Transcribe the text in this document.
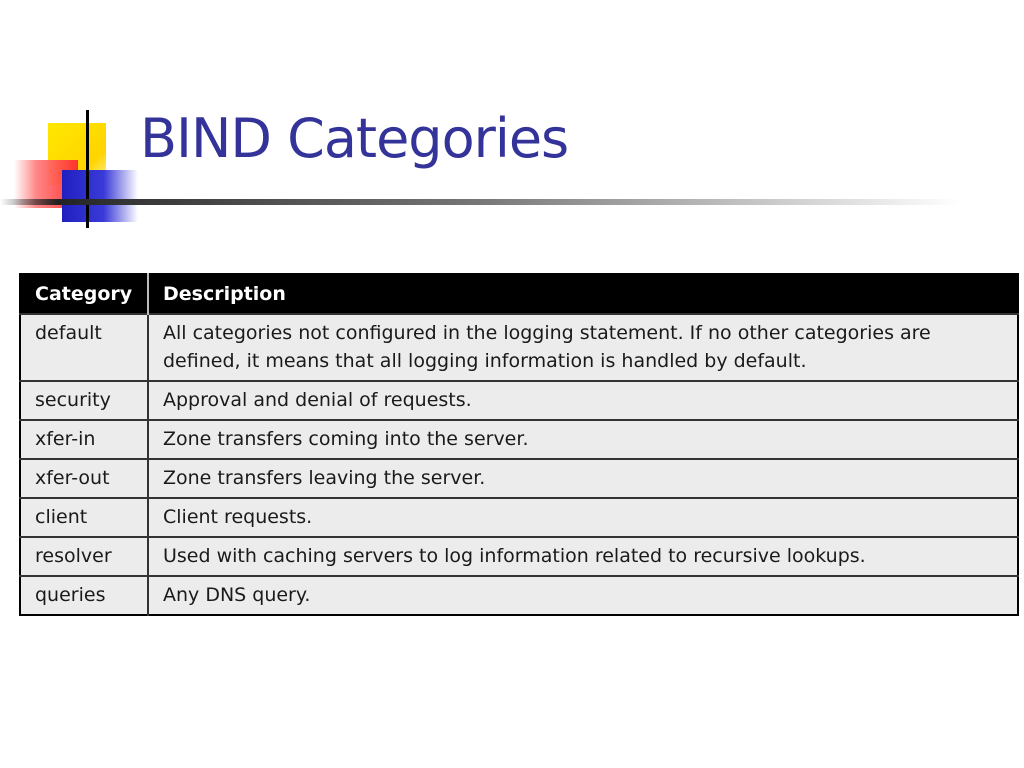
BIND Categories
Category	Description
default	All categories not configured in the logging statement. If no other categories are defined, it means that all logging information is handled by default.
security	Approval and denial of requests.
xfer-in	Zone transfers coming into the server.
xfer-out	Zone transfers leaving the server.
client	Client requests.
resolver	Used with caching servers to log information related to recursive lookups.
queries	Any DNS query.
